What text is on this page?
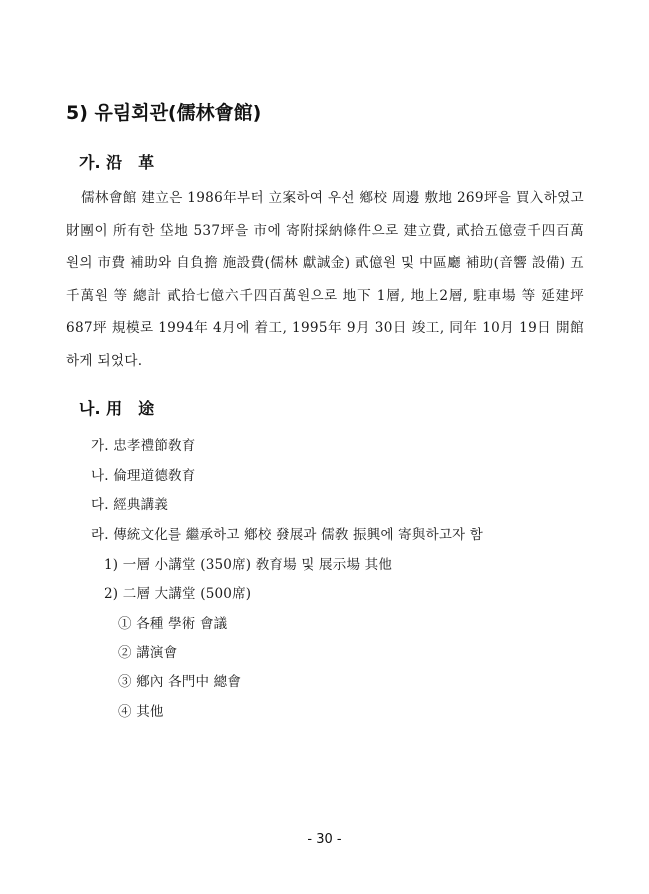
5) 유림회관(儒林會館)
가. 沿　革
儒林會館 建立은 1986年부터 立案하여 우선 鄕校 周邊 敷地 269坪을 買入하였고 財團이 所有한 垈地 537坪을 市에 寄附採納條件으로 建立費, 貳拾五億壹千四百萬원의 市費 補助와 自負擔 施設費(儒林 獻誠金) 貳億원 및 中區廳 補助(音響 設備) 五千萬원 等 總計 貳拾七億六千四百萬원으로 地下 1層, 地上2層, 駐車場 等 延建坪 687坪 規模로 1994年 4月에 着工, 1995年 9月 30日 竣工, 同年 10月 19日 開館하게 되었다.
나. 用　途
가. 忠孝禮節敎育
나. 倫理道德敎育
다. 經典講義
라. 傳統文化를 繼承하고 鄕校 發展과 儒敎 振興에 寄與하고자 함
1) 一層 小講堂 (350席) 敎育場 및 展示場 其他
2) 二層 大講堂 (500席)
① 各種 學術 會議
② 講演會
③ 鄕內 各門中 總會
④ 其他
- 30 -
